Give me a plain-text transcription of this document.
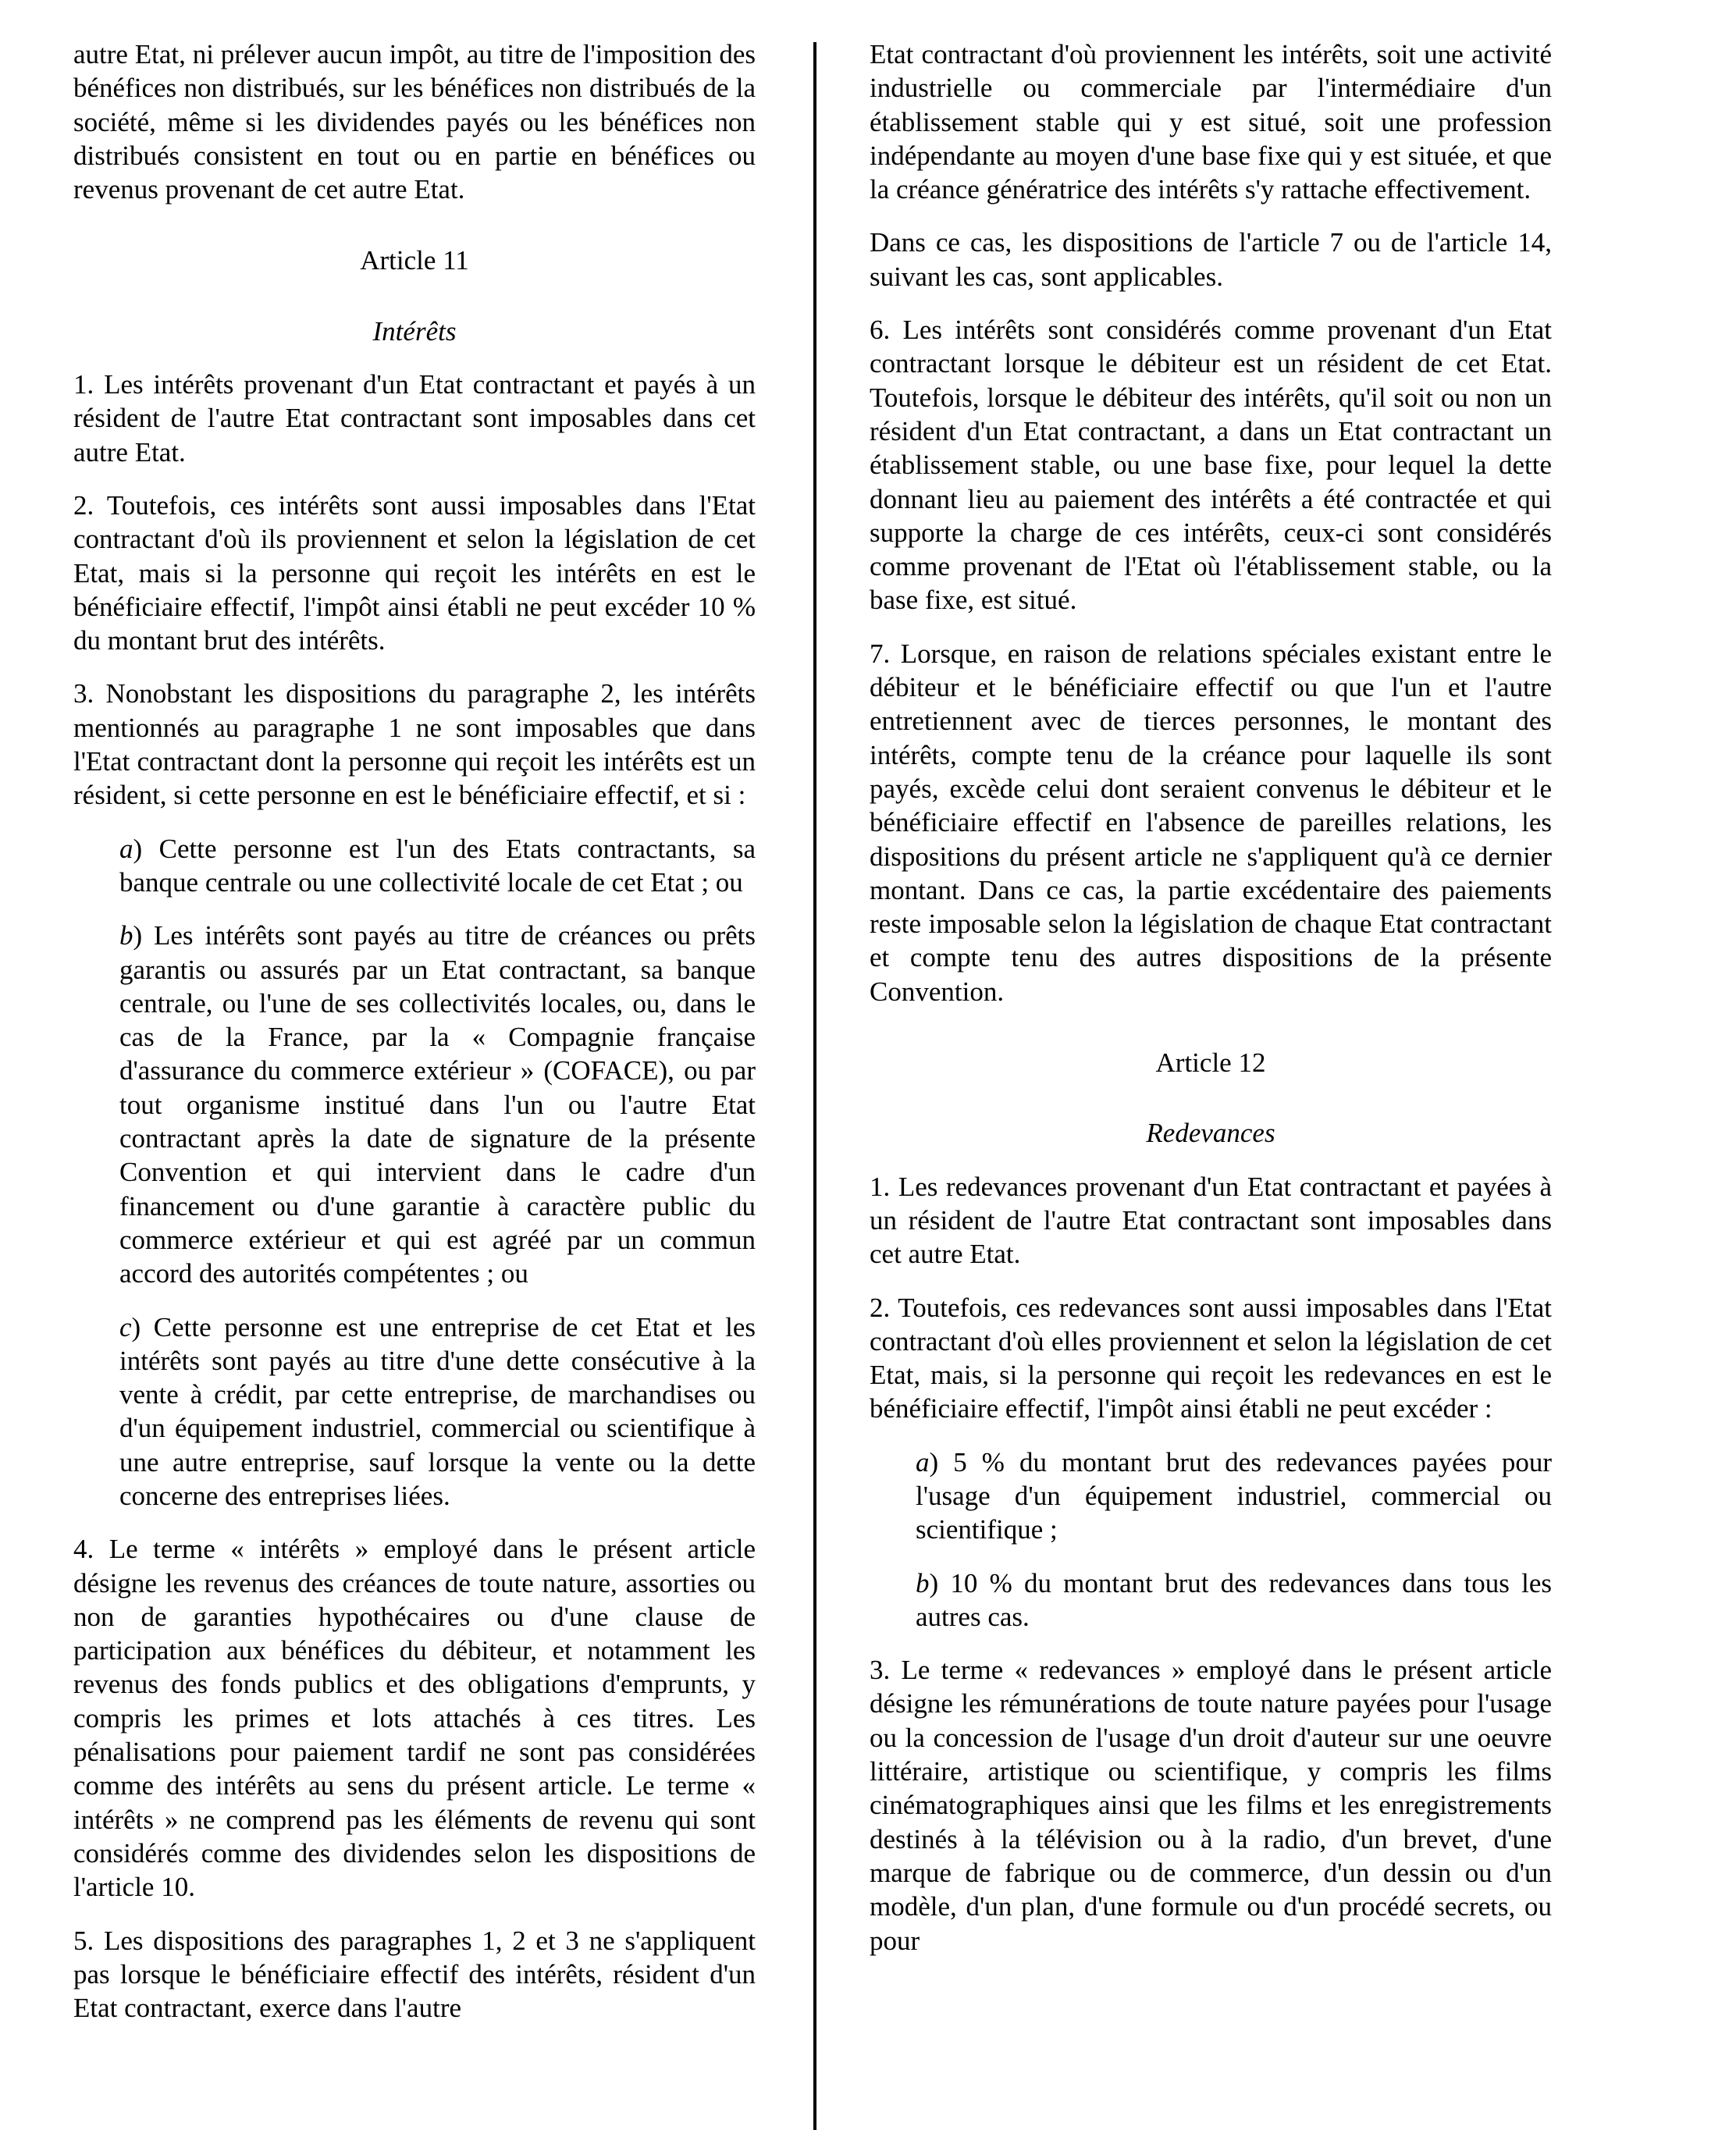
autre Etat, ni prélever aucun impôt, au titre de l'imposition des bénéfices non distribués, sur les bénéfices non distribués de la société, même si les dividendes payés ou les bénéfices non distribués consistent en tout ou en partie en bénéfices ou revenus provenant de cet autre Etat.

Article 11
Intérêts

1. Les intérêts provenant d'un Etat contractant et payés à un résident de l'autre Etat contractant sont imposables dans cet autre Etat.

2. Toutefois, ces intérêts sont aussi imposables dans l'Etat contractant d'où ils proviennent et selon la législation de cet Etat, mais si la personne qui reçoit les intérêts en est le bénéficiaire effectif, l'impôt ainsi établi ne peut excéder 10 % du montant brut des intérêts.

3. Nonobstant les dispositions du paragraphe 2, les intérêts mentionnés au paragraphe 1 ne sont imposables que dans l'Etat contractant dont la personne qui reçoit les intérêts est un résident, si cette personne en est le bénéficiaire effectif, et si :

a) Cette personne est l'un des Etats contractants, sa banque centrale ou une collectivité locale de cet Etat ; ou

b) Les intérêts sont payés au titre de créances ou prêts garantis ou assurés par un Etat contractant, sa banque centrale, ou l'une de ses collectivités locales, ou, dans le cas de la France, par la « Compagnie française d'assurance du commerce extérieur » (COFACE), ou par tout organisme institué dans l'un ou l'autre Etat contractant après la date de signature de la présente Convention et qui intervient dans le cadre d'un financement ou d'une garantie à caractère public du commerce extérieur et qui est agréé par un commun accord des autorités compétentes ; ou

c) Cette personne est une entreprise de cet Etat et les intérêts sont payés au titre d'une dette consécutive à la vente à crédit, par cette entreprise, de marchandises ou d'un équipement industriel, commercial ou scientifique à une autre entreprise, sauf lorsque la vente ou la dette concerne des entreprises liées.

4. Le terme « intérêts » employé dans le présent article désigne les revenus des créances de toute nature, assorties ou non de garanties hypothécaires ou d'une clause de participation aux bénéfices du débiteur, et notamment les revenus des fonds publics et des obligations d'emprunts, y compris les primes et lots attachés à ces titres. Les pénalisations pour paiement tardif ne sont pas considérées comme des intérêts au sens du présent article. Le terme « intérêts » ne comprend pas les éléments de revenu qui sont considérés comme des dividendes selon les dispositions de l'article 10.

5. Les dispositions des paragraphes 1, 2 et 3 ne s'appliquent pas lorsque le bénéficiaire effectif des intérêts, résident d'un Etat contractant, exerce dans l'autre

Etat contractant d'où proviennent les intérêts, soit une activité industrielle ou commerciale par l'intermédiaire d'un établissement stable qui y est situé, soit une profession indépendante au moyen d'une base fixe qui y est située, et que la créance génératrice des intérêts s'y rattache effectivement.

Dans ce cas, les dispositions de l'article 7 ou de l'article 14, suivant les cas, sont applicables.

6. Les intérêts sont considérés comme provenant d'un Etat contractant lorsque le débiteur est un résident de cet Etat. Toutefois, lorsque le débiteur des intérêts, qu'il soit ou non un résident d'un Etat contractant, a dans un Etat contractant un établissement stable, ou une base fixe, pour lequel la dette donnant lieu au paiement des intérêts a été contractée et qui supporte la charge de ces intérêts, ceux-ci sont considérés comme provenant de l'Etat où l'établissement stable, ou la base fixe, est situé.

7. Lorsque, en raison de relations spéciales existant entre le débiteur et le bénéficiaire effectif ou que l'un et l'autre entretiennent avec de tierces personnes, le montant des intérêts, compte tenu de la créance pour laquelle ils sont payés, excède celui dont seraient convenus le débiteur et le bénéficiaire effectif en l'absence de pareilles relations, les dispositions du présent article ne s'appliquent qu'à ce dernier montant. Dans ce cas, la partie excédentaire des paiements reste imposable selon la législation de chaque Etat contractant et compte tenu des autres dispositions de la présente Convention.

Article 12
Redevances

1. Les redevances provenant d'un Etat contractant et payées à un résident de l'autre Etat contractant sont imposables dans cet autre Etat.

2. Toutefois, ces redevances sont aussi imposables dans l'Etat contractant d'où elles proviennent et selon la législation de cet Etat, mais, si la personne qui reçoit les redevances en est le bénéficiaire effectif, l'impôt ainsi établi ne peut excéder :

a) 5 % du montant brut des redevances payées pour l'usage d'un équipement industriel, commercial ou scientifique ;

b) 10 % du montant brut des redevances dans tous les autres cas.

3. Le terme « redevances » employé dans le présent article désigne les rémunérations de toute nature payées pour l'usage ou la concession de l'usage d'un droit d'auteur sur une oeuvre littéraire, artistique ou scientifique, y compris les films cinématographiques ainsi que les films et les enregistrements destinés à la télévision ou à la radio, d'un brevet, d'une marque de fabrique ou de commerce, d'un dessin ou d'un modèle, d'un plan, d'une formule ou d'un procédé secrets, ou pour
